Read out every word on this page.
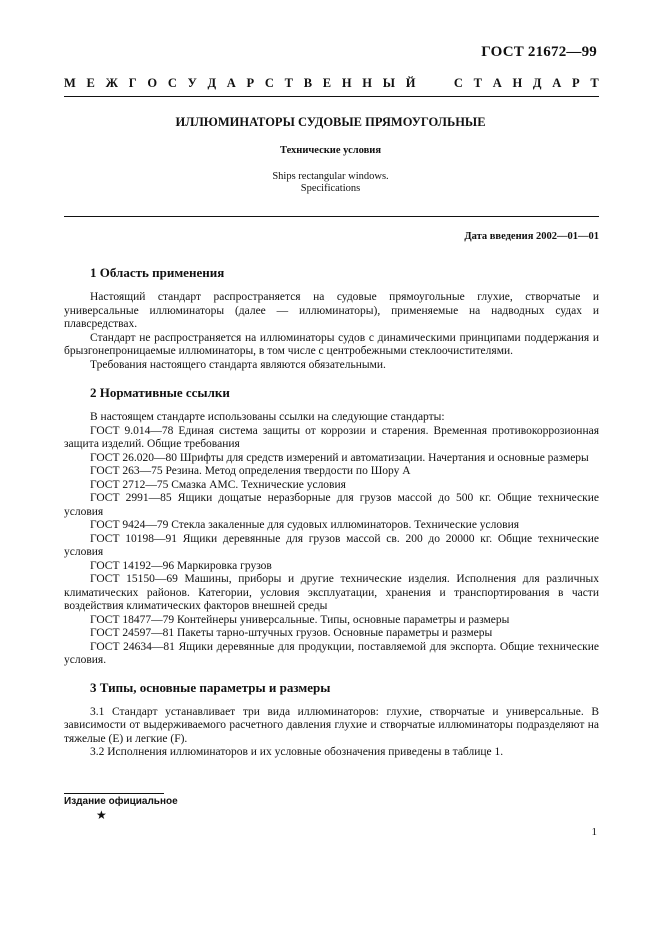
ГОСТ 21672—99
М Е Ж Г О С У Д А Р С Т В Е Н Н Ы Й

	С Т А Н Д А Р Т
ИЛЛЮМИНАТОРЫ СУДОВЫЕ ПРЯМОУГОЛЬНЫЕ
Технические условия
Ships rectangular windows.
Specifications
Дата введения 2002—01—01
1 Область применения

Настоящий стандарт распространяется на судовые прямоугольные глухие, створчатые и универсальные иллюминаторы (далее — иллюминаторы), применяемые на надводных судах и плавсредствах.

Стандарт не распространяется на иллюминаторы судов с динамическими принципами поддержания и брызгонепроницаемые иллюминаторы, в том числе с центробежными стеклоочистителями.

Требования настоящего стандарта являются обязательными.

2 Нормативные ссылки

В настоящем стандарте использованы ссылки на следующие стандарты:

ГОСТ 9.014—78 Единая система защиты от коррозии и старения. Временная противокоррозионная защита изделий. Общие требования

ГОСТ 26.020—80 Шрифты для средств измерений и автоматизации. Начертания и основные размеры

ГОСТ 263—75 Резина. Метод определения твердости по Шору А

ГОСТ 2712—75 Смазка АМС. Технические условия

ГОСТ 2991—85 Ящики дощатые неразборные для грузов массой до 500 кг. Общие технические условия

ГОСТ 9424—79 Стекла закаленные для судовых иллюминаторов. Технические условия

ГОСТ 10198—91 Ящики деревянные для грузов массой св. 200 до 20000 кг. Общие технические условия

ГОСТ 14192—96 Маркировка грузов

ГОСТ 15150—69 Машины, приборы и другие технические изделия. Исполнения для различных климатических районов. Категории, условия эксплуатации, хранения и транспортирования в части воздействия климатических факторов внешней среды

ГОСТ 18477—79 Контейнеры универсальные. Типы, основные параметры и размеры

ГОСТ 24597—81 Пакеты тарно-штучных грузов. Основные параметры и размеры

ГОСТ 24634—81 Ящики деревянные для продукции, поставляемой для экспорта. Общие технические условия.

3 Типы, основные параметры и размеры

3.1 Стандарт устанавливает три вида иллюминаторов: глухие, створчатые и универсальные. В зависимости от выдерживаемого расчетного давления глухие и створчатые иллюминаторы подразделяют на тяжелые (Е) и легкие (F).

3.2 Исполнения иллюминаторов и их условные обозначения приведены в таблице 1.

Издание официальное
★
1
